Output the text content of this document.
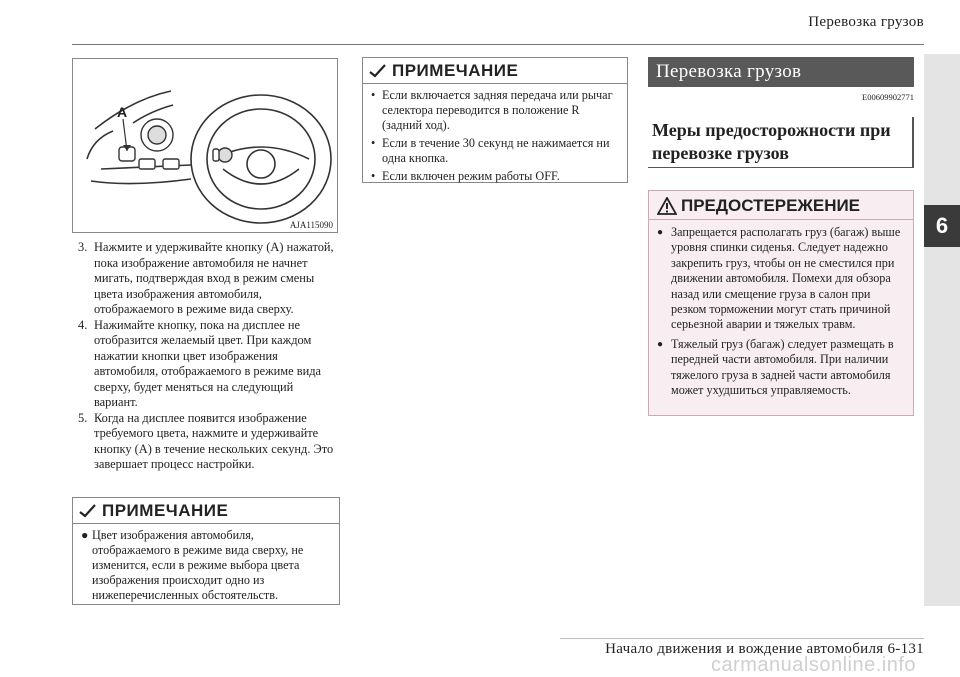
Перевозка грузов
6
A
AJA115090
3. Нажмите и удерживайте кнопку (A) нажатой, пока изображение автомобиля не начнет мигать, подтверждая вход в режим смены цвета изображения автомобиля, отображаемого в режиме вида сверху.
4. Нажимайте кнопку, пока на дисплее не отобразится желаемый цвет. При каждом нажатии кнопки цвет изображения автомобиля, отображаемого в режиме вида сверху, будет меняться на следующий вариант.
5. Когда на дисплее появится изображение требуемого цвета, нажмите и удерживайте кнопку (A) в течение нескольких секунд. Это завершает процесс настройки.
ПРИМЕЧАНИЕ
● Цвет изображения автомобиля, отображаемого в режиме вида сверху, не изменится, если в режиме выбора цвета изображения происходит одно из нижеперечисленных обстоятельств.
ПРИМЕЧАНИЕ
• Если включается задняя передача или рычаг селектора переводится в положение R (задний ход).
• Если в течение 30 секунд не нажимается ни одна кнопка.
• Если включен режим работы OFF.
Перевозка грузов
E00609902771
Меры предосторожности при перевозке грузов
ПРЕДОСТЕРЕЖЕНИЕ
● Запрещается располагать груз (багаж) выше уровня спинки сиденья. Следует надежно закрепить груз, чтобы он не сместился при движении автомобиля. Помехи для обзора назад или смещение груза в салон при резком торможении могут стать причиной серьезной аварии и тяжелых травм.
● Тяжелый груз (багаж) следует размещать в передней части автомобиля. При наличии тяжелого груза в задней части автомобиля может ухудшиться управляемость.
Начало движения и вождение автомобиля 6-131
carmanualsonline.info
